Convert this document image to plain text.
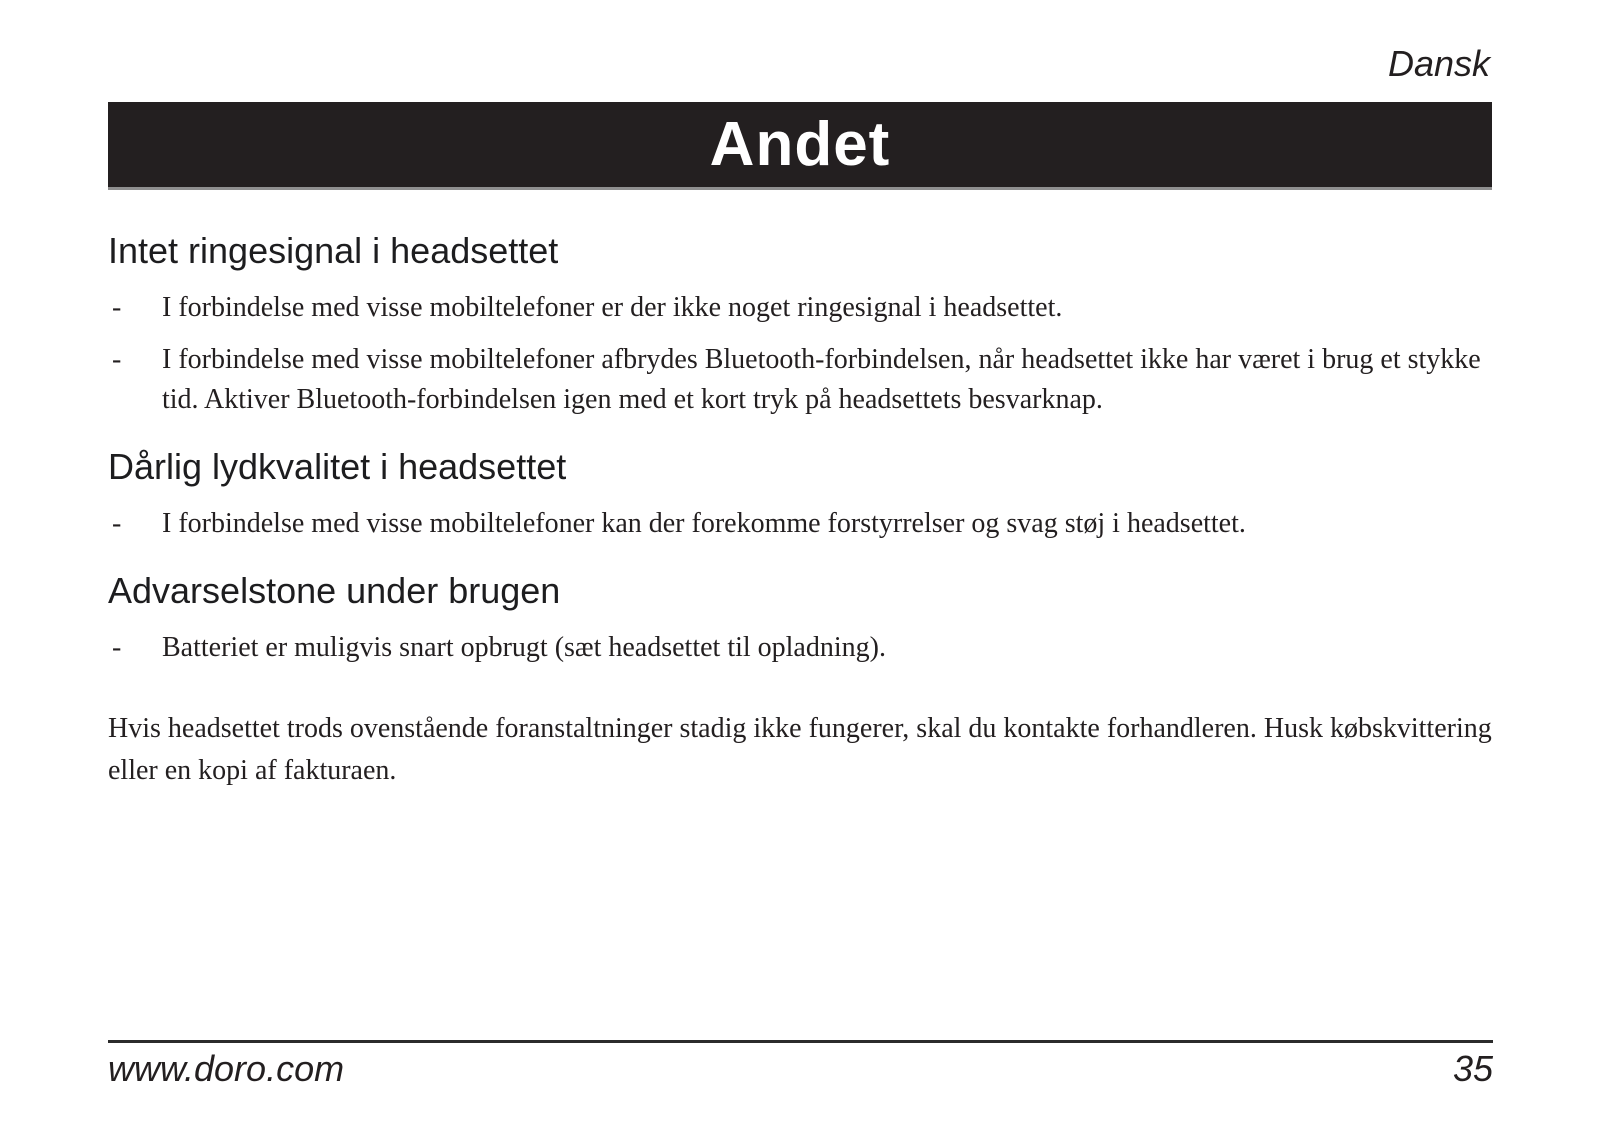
Dansk
Andet
Intet ringesignal i headsettet
-	I forbindelse med visse mobiltelefoner er der ikke noget ringesignal i headsettet.
-	I forbindelse med visse mobiltelefoner afbrydes Bluetooth-forbindelsen, når headsettet ikke har været i brug et stykke tid. Aktiver Bluetooth-forbindelsen igen med et kort tryk på headsettets besvarknap.
Dårlig lydkvalitet i headsettet
-	I forbindelse med visse mobiltelefoner kan der forekomme forstyrrelser og svag støj i headsettet.
Advarselstone under brugen
-	Batteriet er muligvis snart opbrugt (sæt headsettet til opladning).
Hvis headsettet trods ovenstående foranstaltninger stadig ikke fungerer, skal du kontakte forhandleren. Husk købskvittering eller en kopi af fakturaen.
www.doro.com	35
